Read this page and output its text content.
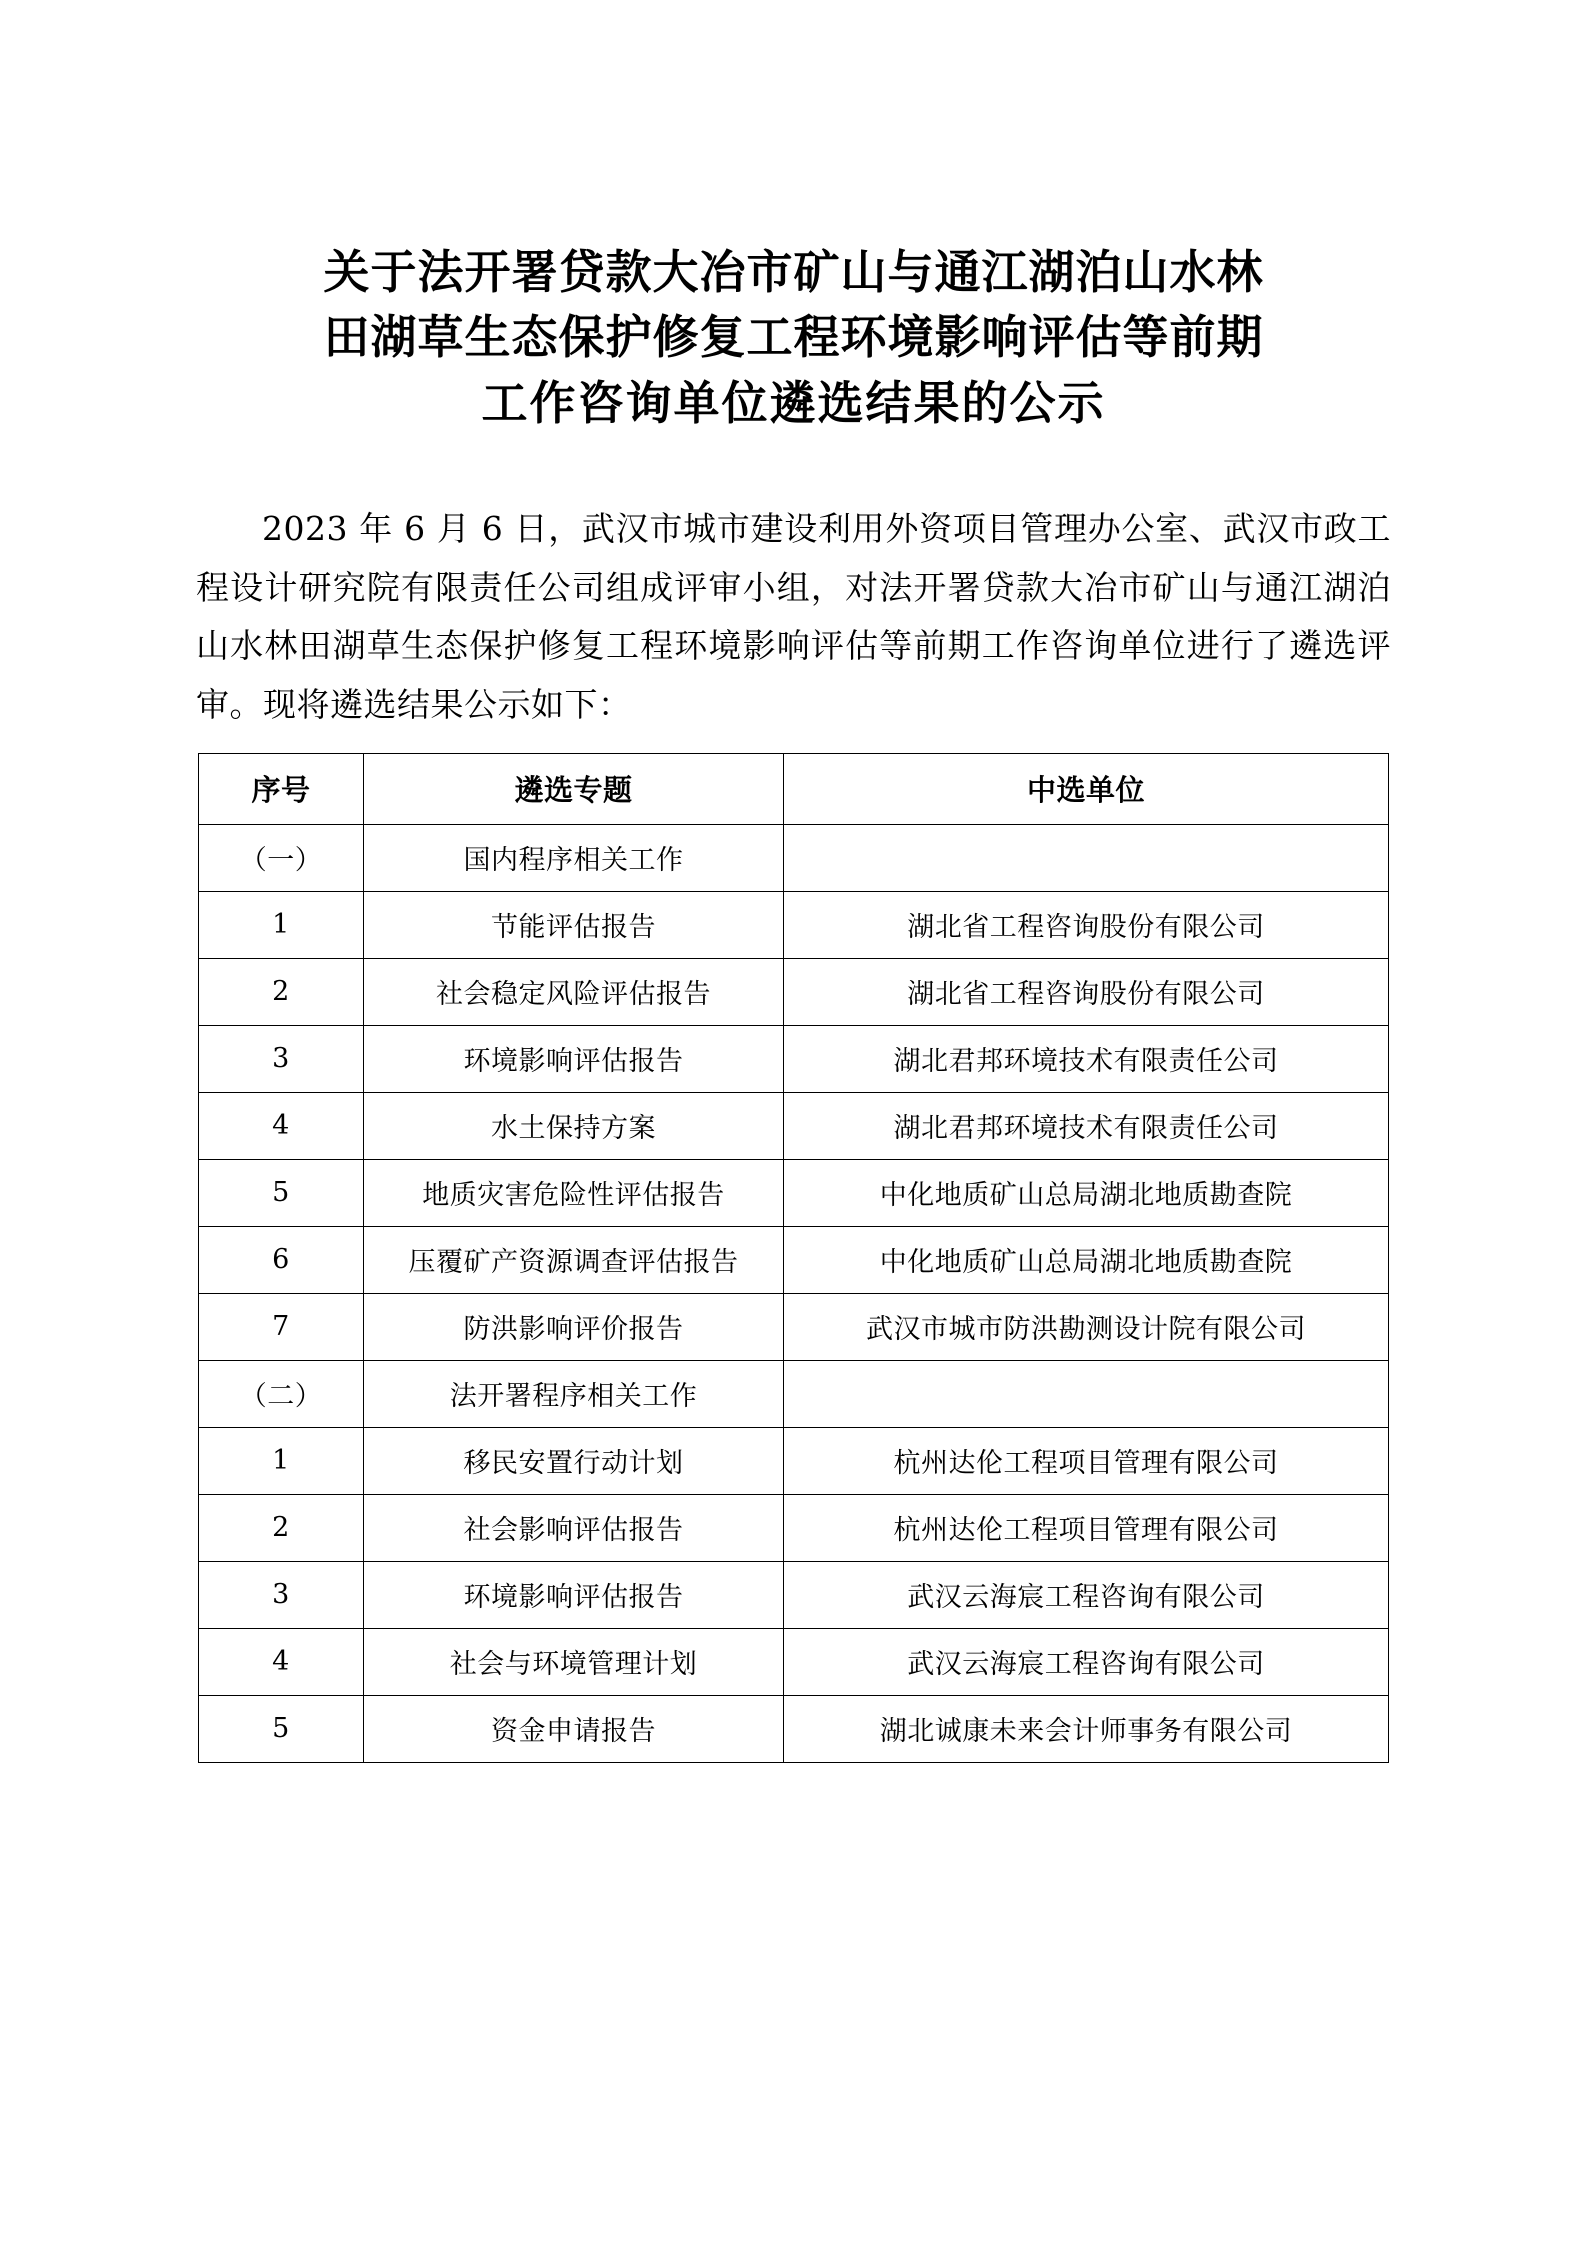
关于法开署贷款大冶市矿山与通江湖泊山水林
田湖草生态保护修复工程环境影响评估等前期
工作咨询单位遴选结果的公示

2023 年 6 月 6 日，武汉市城市建设利用外资项目管理办公室、武汉市政工程设计研究院有限责任公司组成评审小组，对法开署贷款大冶市矿山与通江湖泊山水林田湖草生态保护修复工程环境影响评估等前期工作咨询单位进行了遴选评审。现将遴选结果公示如下：

序号	遴选专题	中选单位
（一）	国内程序相关工作	
1	节能评估报告	湖北省工程咨询股份有限公司
2	社会稳定风险评估报告	湖北省工程咨询股份有限公司
3	环境影响评估报告	湖北君邦环境技术有限责任公司
4	水土保持方案	湖北君邦环境技术有限责任公司
5	地质灾害危险性评估报告	中化地质矿山总局湖北地质勘查院
6	压覆矿产资源调查评估报告	中化地质矿山总局湖北地质勘查院
7	防洪影响评价报告	武汉市城市防洪勘测设计院有限公司
（二）	法开署程序相关工作	
1	移民安置行动计划	杭州达伦工程项目管理有限公司
2	社会影响评估报告	杭州达伦工程项目管理有限公司
3	环境影响评估报告	武汉云海宸工程咨询有限公司
4	社会与环境管理计划	武汉云海宸工程咨询有限公司
5	资金申请报告	湖北诚康未来会计师事务有限公司
